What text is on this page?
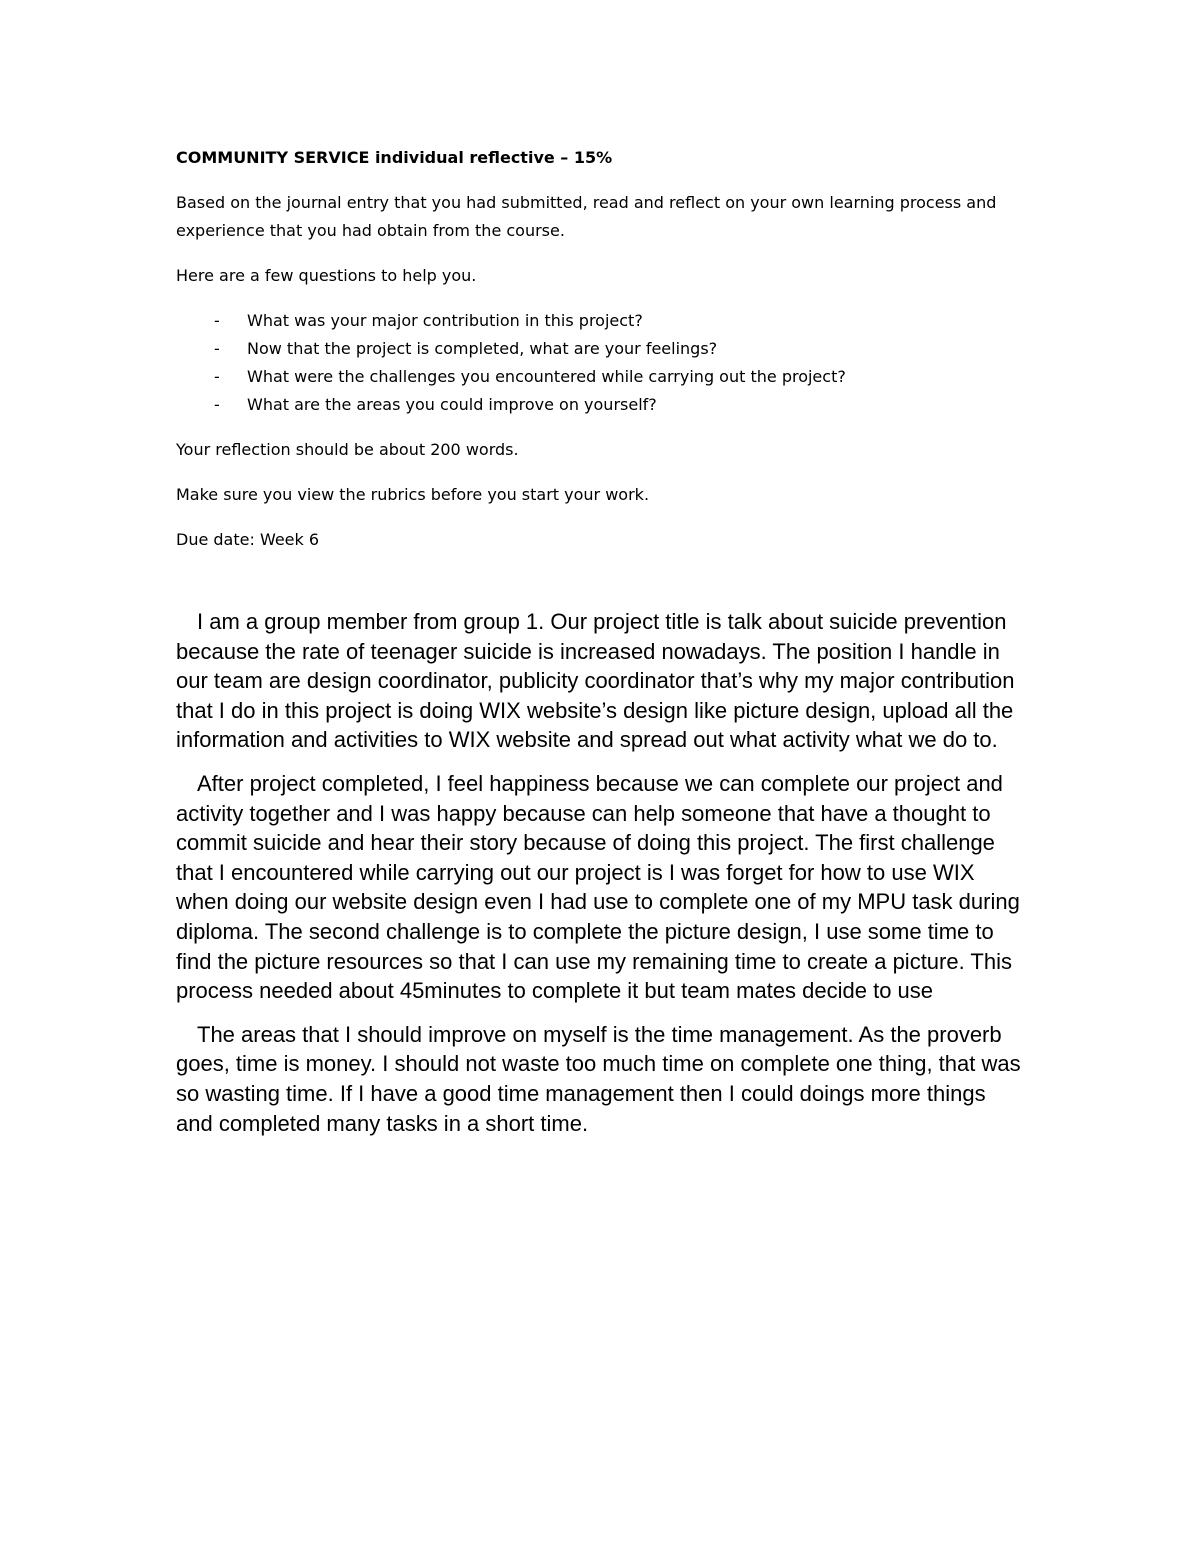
COMMUNITY SERVICE individual reflective – 15%

Based on the journal entry that you had submitted, read and reflect on your own learning process and experience that you had obtain from the course.

Here are a few questions to help you.

- What was your major contribution in this project?
- Now that the project is completed, what are your feelings?
- What were the challenges you encountered while carrying out the project?
- What are the areas you could improve on yourself?

Your reflection should be about 200 words.

Make sure you view the rubrics before you start your work.

Due date: Week 6

I am a group member from group 1. Our project title is talk about suicide prevention because the rate of teenager suicide is increased nowadays. The position I handle in our team are design coordinator, publicity coordinator that’s why my major contribution that I do in this project is doing WIX website’s design like picture design, upload all the information and activities to WIX website and spread out what activity what we do to.

After project completed, I feel happiness because we can complete our project and activity together and I was happy because can help someone that have a thought to commit suicide and hear their story because of doing this project. The first challenge that I encountered while carrying out our project is I was forget for how to use WIX when doing our website design even I had use to complete one of my MPU task during diploma. The second challenge is to complete the picture design, I use some time to find the picture resources so that I can use my remaining time to create a picture. This process needed about 45minutes to complete it but team mates decide to use

The areas that I should improve on myself is the time management. As the proverb goes, time is money. I should not waste too much time on complete one thing, that was so wasting time. If I have a good time management then I could doings more things and completed many tasks in a short time.
